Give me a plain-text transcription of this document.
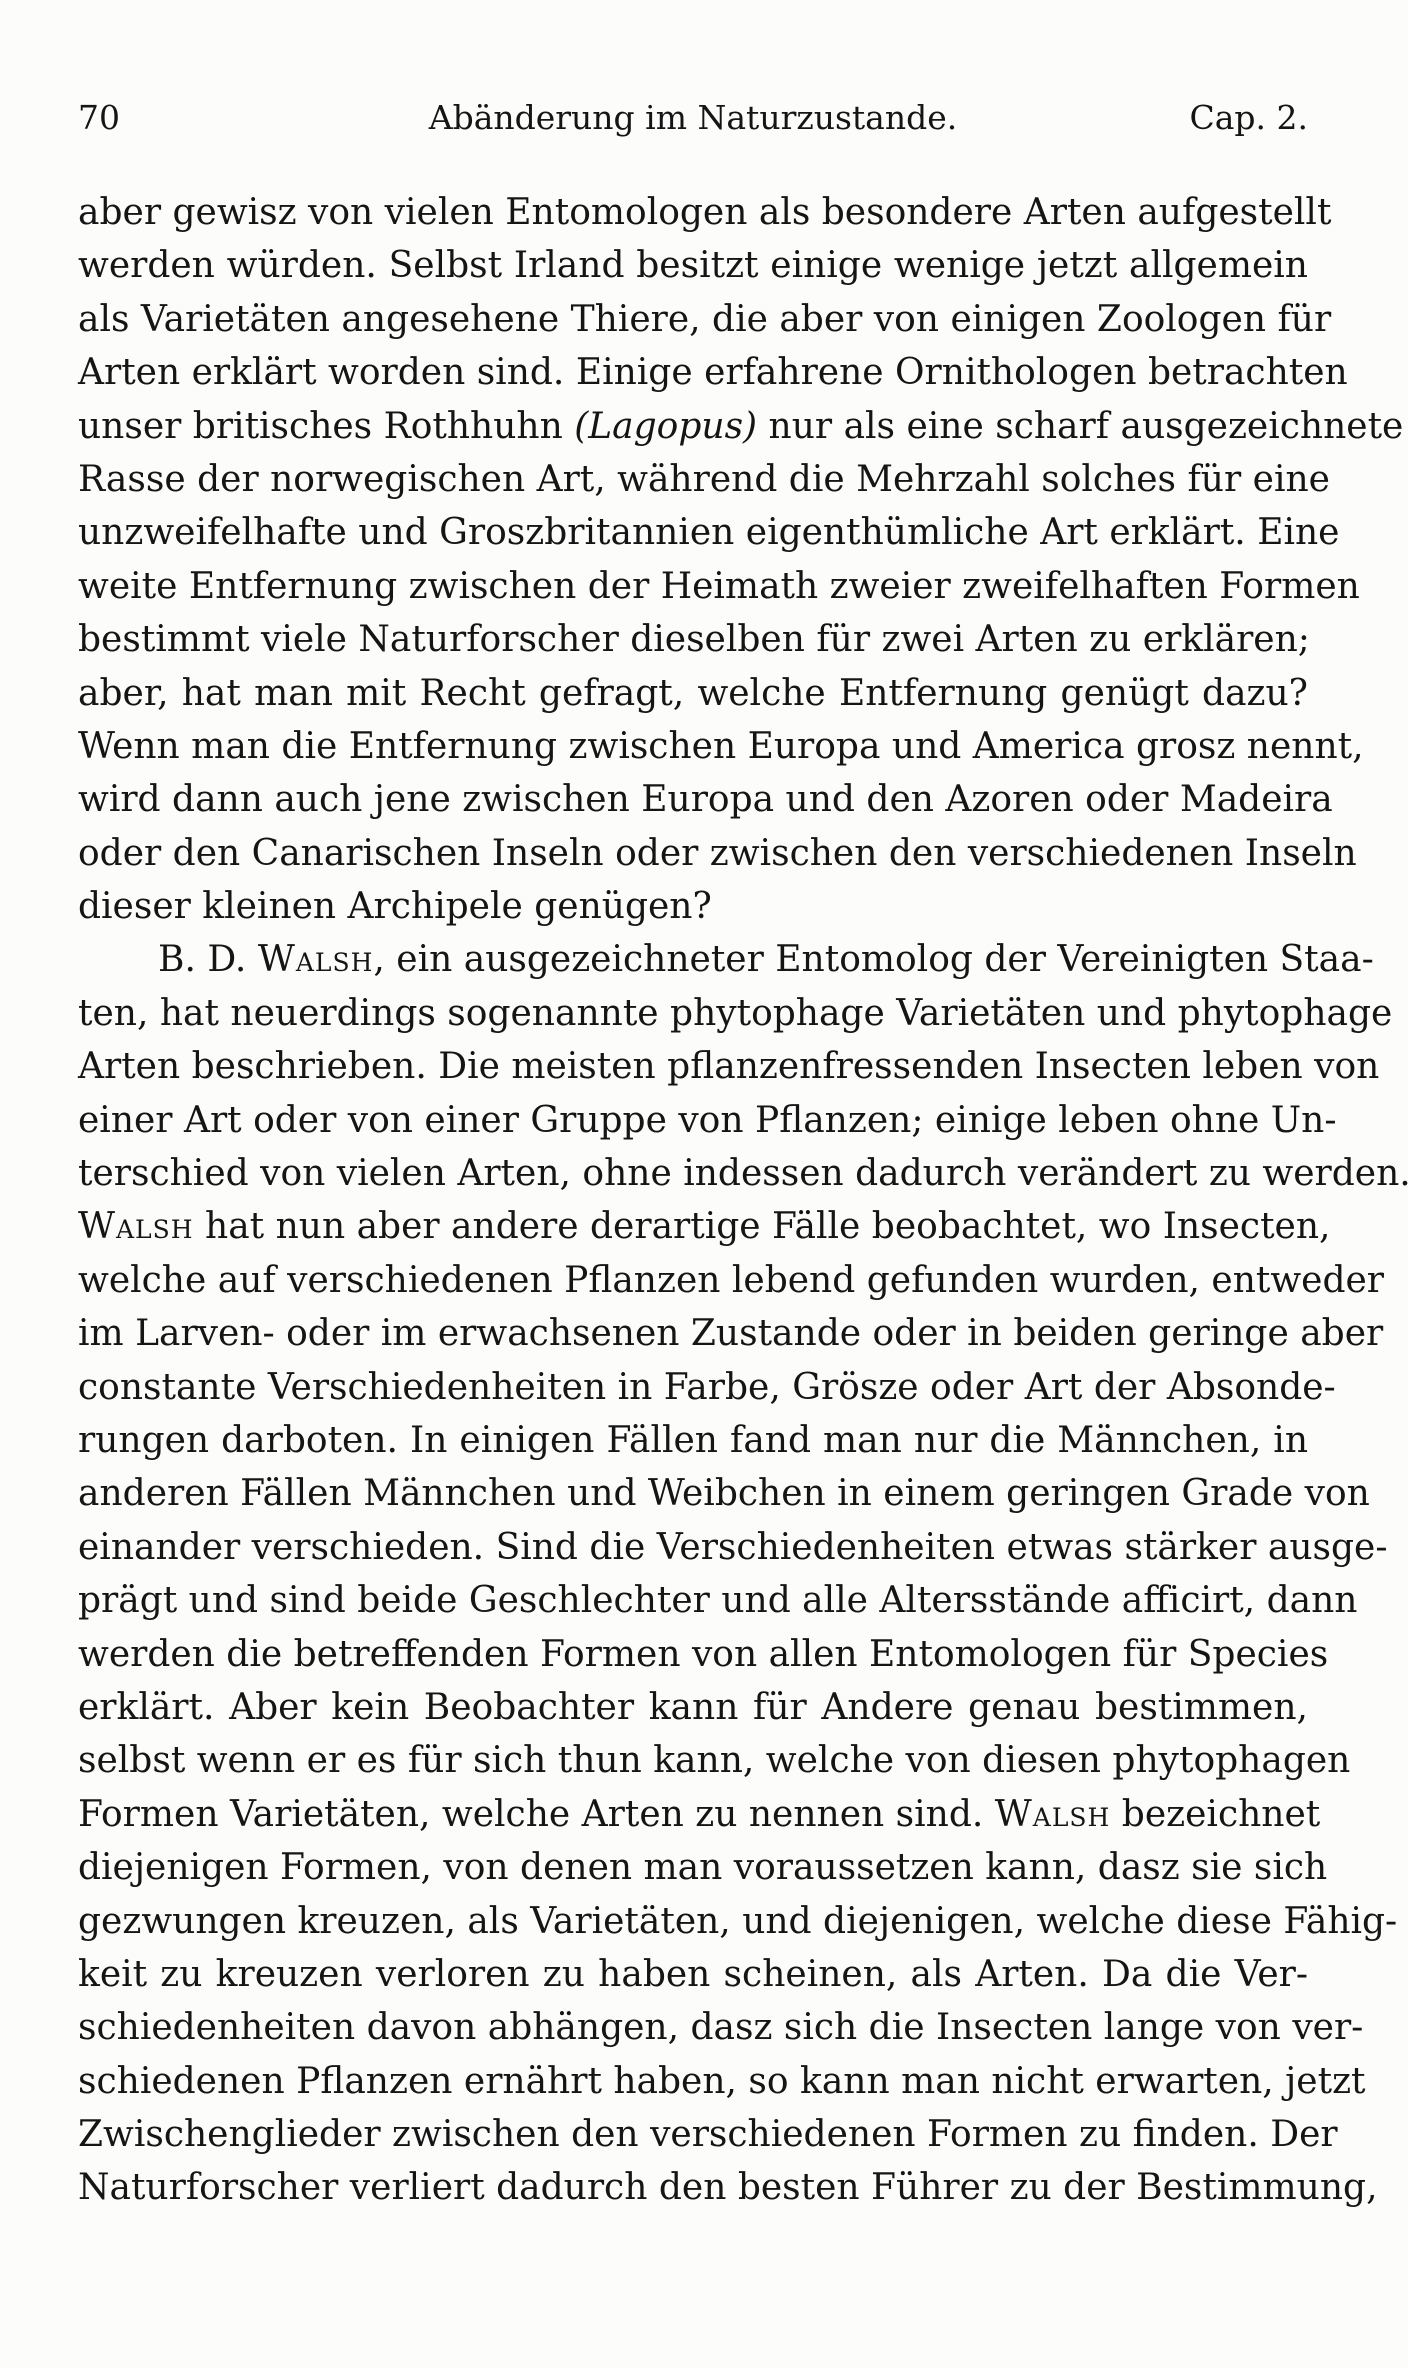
70	Abänderung im Naturzustande.	Cap. 2.
aber gewisz von vielen Entomologen als besondere Arten aufgestellt
werden würden. Selbst Irland besitzt einige wenige jetzt allgemein
als Varietäten angesehene Thiere, die aber von einigen Zoologen für
Arten erklärt worden sind. Einige erfahrene Ornithologen betrachten
unser britisches Rothhuhn (Lagopus) nur als eine scharf ausgezeichnete
Rasse der norwegischen Art, während die Mehrzahl solches für eine
unzweifelhafte und Groszbritannien eigenthümliche Art erklärt. Eine
weite Entfernung zwischen der Heimath zweier zweifelhaften Formen
bestimmt viele Naturforscher dieselben für zwei Arten zu erklären;
aber, hat man mit Recht gefragt, welche Entfernung genügt dazu?
Wenn man die Entfernung zwischen Europa und America grosz nennt,
wird dann auch jene zwischen Europa und den Azoren oder Madeira
oder den Canarischen Inseln oder zwischen den verschiedenen Inseln
dieser kleinen Archipele genügen?
B. D. Walsh, ein ausgezeichneter Entomolog der Vereinigten Staa-
ten, hat neuerdings sogenannte phytophage Varietäten und phytophage
Arten beschrieben. Die meisten pflanzenfressenden Insecten leben von
einer Art oder von einer Gruppe von Pflanzen; einige leben ohne Un-
terschied von vielen Arten, ohne indessen dadurch verändert zu werden.
Walsh hat nun aber andere derartige Fälle beobachtet, wo Insecten,
welche auf verschiedenen Pflanzen lebend gefunden wurden, entweder
im Larven- oder im erwachsenen Zustande oder in beiden geringe aber
constante Verschiedenheiten in Farbe, Grösze oder Art der Absonde-
rungen darboten. In einigen Fällen fand man nur die Männchen, in
anderen Fällen Männchen und Weibchen in einem geringen Grade von
einander verschieden. Sind die Verschiedenheiten etwas stärker ausge-
prägt und sind beide Geschlechter und alle Altersstände afficirt, dann
werden die betreffenden Formen von allen Entomologen für Species
erklärt. Aber kein Beobachter kann für Andere genau bestimmen,
selbst wenn er es für sich thun kann, welche von diesen phytophagen
Formen Varietäten, welche Arten zu nennen sind. Walsh bezeichnet
diejenigen Formen, von denen man voraussetzen kann, dasz sie sich
gezwungen kreuzen, als Varietäten, und diejenigen, welche diese Fähig-
keit zu kreuzen verloren zu haben scheinen, als Arten. Da die Ver-
schiedenheiten davon abhängen, dasz sich die Insecten lange von ver-
schiedenen Pflanzen ernährt haben, so kann man nicht erwarten, jetzt
Zwischenglieder zwischen den verschiedenen Formen zu finden. Der
Naturforscher verliert dadurch den besten Führer zu der Bestimmung,
